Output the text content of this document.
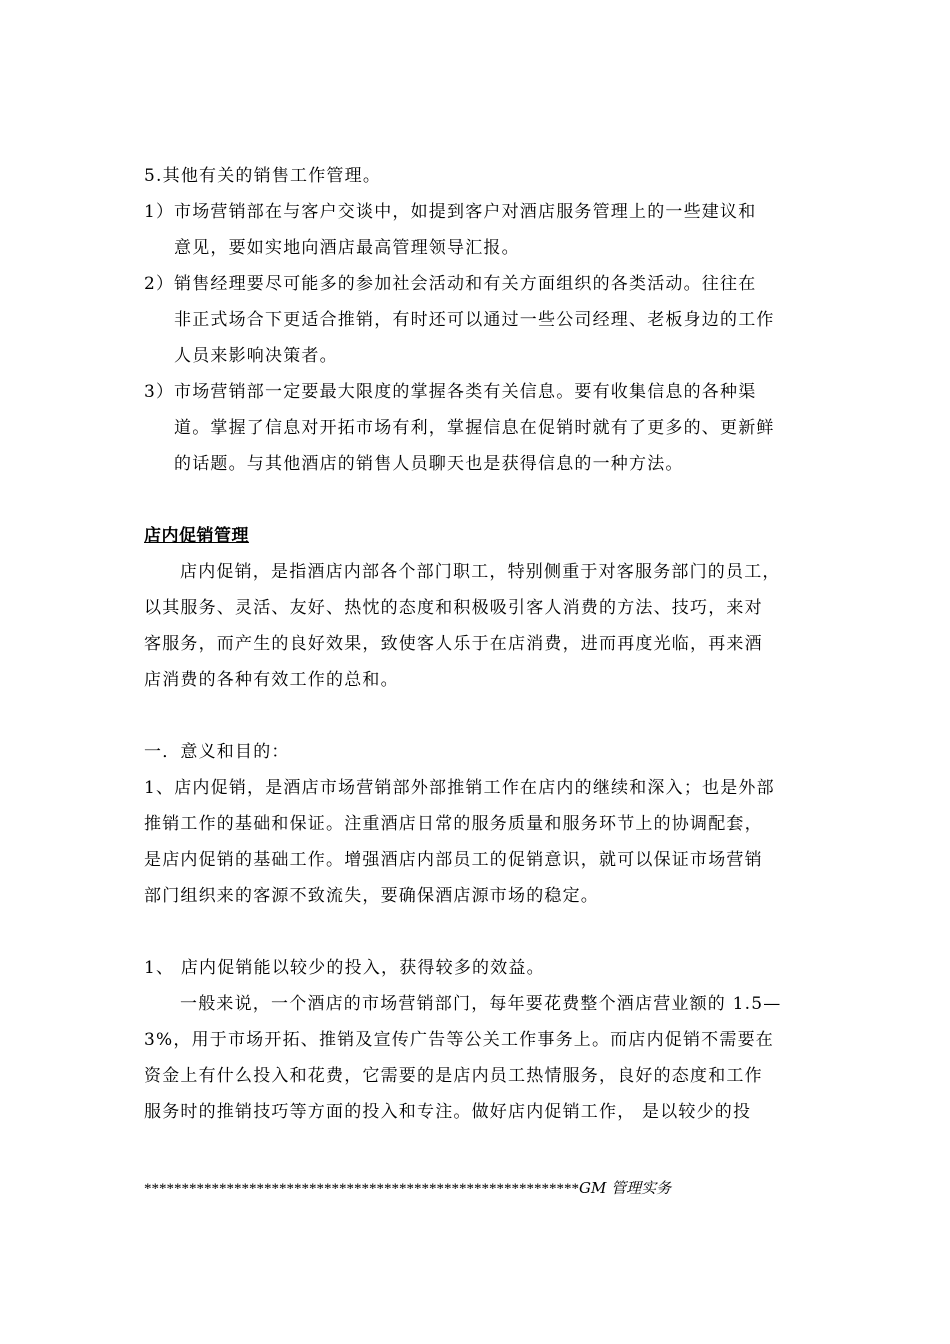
5.其他有关的销售工作管理。
1） 市场营销部在与客户交谈中，如提到客户对酒店服务管理上的一些建议和
意见，要如实地向酒店最高管理领导汇报。
2） 销售经理要尽可能多的参加社会活动和有关方面组织的各类活动。往往在
非正式场合下更适合推销，有时还可以通过一些公司经理、老板身边的工作
人员来影响决策者。
3） 市场营销部一定要最大限度的掌握各类有关信息。要有收集信息的各种渠
道。掌握了信息对开拓市场有利，掌握信息在促销时就有了更多的、更新鲜
的话题。与其他酒店的销售人员聊天也是获得信息的一种方法。
店内促销管理
店内促销，是指酒店内部各个部门职工，特别侧重于对客服务部门的员工，
以其服务、灵活、友好、热忱的态度和积极吸引客人消费的方法、技巧，来对
客服务，而产生的良好效果，致使客人乐于在店消费，进而再度光临，再来酒
店消费的各种有效工作的总和。
一．意义和目的：
1、店内促销，是酒店市场营销部外部推销工作在店内的继续和深入；也是外部
推销工作的基础和保证。注重酒店日常的服务质量和服务环节上的协调配套，
是店内促销的基础工作。增强酒店内部员工的促销意识，就可以保证市场营销
部门组织来的客源不致流失，要确保酒店源市场的稳定。
1、 店内促销能以较少的投入，获得较多的效益。
一般来说，一个酒店的市场营销部门，每年要花费整个酒店营业额的 1.5—
3%，用于市场开拓、推销及宣传广告等公关工作事务上。而店内促销不需要在
资金上有什么投入和花费，它需要的是店内员工热情服务，良好的态度和工作
服务时的推销技巧等方面的投入和专注。做好店内促销工作， 是以较少的投
**********************************************************GM 管理实务
